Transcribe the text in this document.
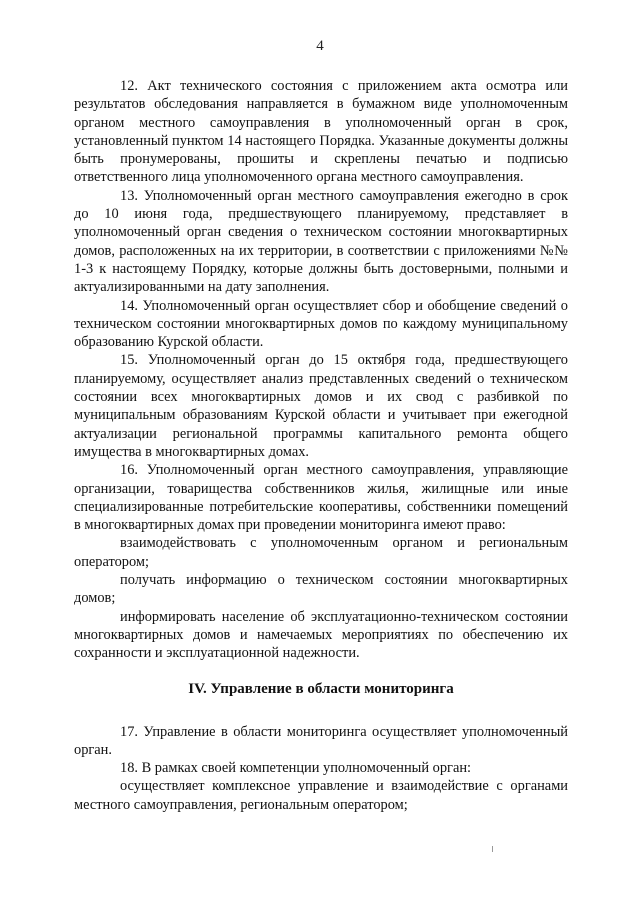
4

12. Акт технического состояния с приложением акта осмотра или результатов обследования направляется в бумажном виде уполномоченным органом местного самоуправления в уполномоченный орган в срок, установленный пунктом 14 настоящего Порядка. Указанные документы должны быть пронумерованы, прошиты и скреплены печатью и подписью ответственного лица уполномоченного органа местного самоуправления.

13. Уполномоченный орган местного самоуправления ежегодно в срок до 10 июня года, предшествующего планируемому, представляет в уполномоченный орган сведения о техническом состоянии многоквартирных домов, расположенных на их территории, в соответствии с приложениями №№ 1-3 к настоящему Порядку, которые должны быть достоверными, полными и актуализированными на дату заполнения.

14. Уполномоченный орган осуществляет сбор и обобщение сведений о техническом состоянии многоквартирных домов по каждому муниципальному образованию Курской области.

15. Уполномоченный орган до 15 октября года, предшествующего планируемому, осуществляет анализ представленных сведений о техническом состоянии всех многоквартирных домов и их свод с разбивкой по муниципальным образованиям Курской области и учитывает при ежегодной актуализации региональной программы капитального ремонта общего имущества в многоквартирных домах.

16. Уполномоченный орган местного самоуправления, управляющие организации, товарищества собственников жилья, жилищные или иные специализированные потребительские кооперативы, собственники помещений в многоквартирных домах при проведении мониторинга имеют право:

взаимодействовать с уполномоченным органом и региональным оператором;

получать информацию о техническом состоянии многоквартирных домов;

информировать население об эксплуатационно-техническом состоянии многоквартирных домов и намечаемых мероприятиях по обеспечению их сохранности и эксплуатационной надежности.

IV. Управление в области мониторинга

17. Управление в области мониторинга осуществляет уполномоченный орган.

18. В рамках своей компетенции уполномоченный орган:

осуществляет комплексное управление и взаимодействие с органами местного самоуправления, региональным оператором;
